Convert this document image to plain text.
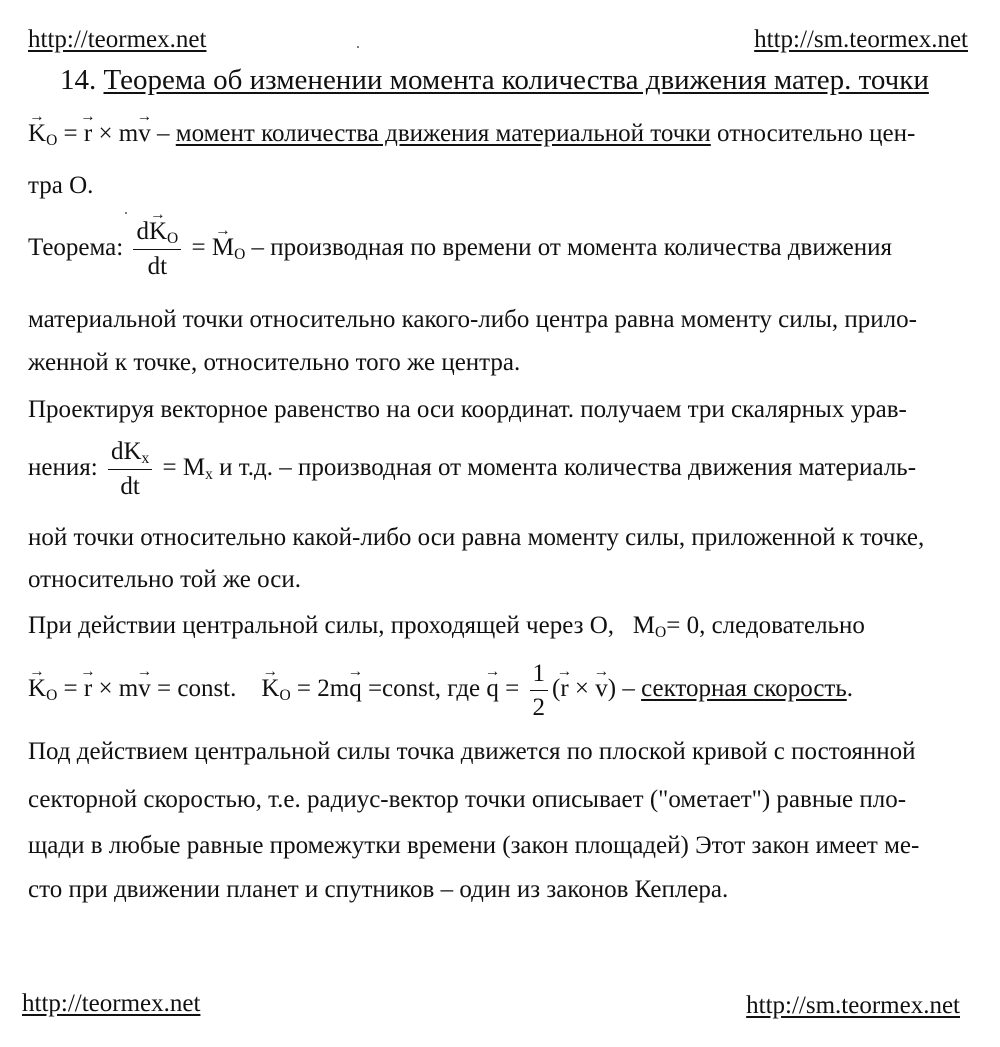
http://teormex.net	http://sm.teormex.net
14. Теорема об изменении момента количества движения матер. точки
→ $K_O$ = → r × m→ v – момент количества движения материальной точки относительно цен-
тра О.
Теорема: $\frac{d\to K_O}{dt}$ = → $M_O$ – производная по времени от момента количества движения
материальной точки относительно какого-либо центра равна моменту силы, прило-
женной к точке, относительно того же центра.
Проектируя векторное равенство на оси координат. получаем три скалярных урав-
нения: $\frac{dK_x}{dt} = M_x$ и т.д. – производная от момента количества движения материаль-
ной точки относительно какой-либо оси равна моменту силы, приложенной к точке,
относительно той же оси.
При действии центральной силы, проходящей через О, $M_O= 0$, следовательно
→ $K_O$ = → r × m→ v = const.    → $K_O = 2m\to q$ =const, где → $q = \frac{1}{2}$ (→ r × → v) – секторная скорость.
Под действием центральной силы точка движется по плоской кривой с постоянной
секторной скоростью, т.е. радиус-вектор точки описывает ("ометает") равные пло-
щади в любые равные промежутки времени (закон площадей) Этот закон имеет ме-
сто при движении планет и спутников – один из законов Кеплера.
http://teormex.net	http://sm.teormex.net
